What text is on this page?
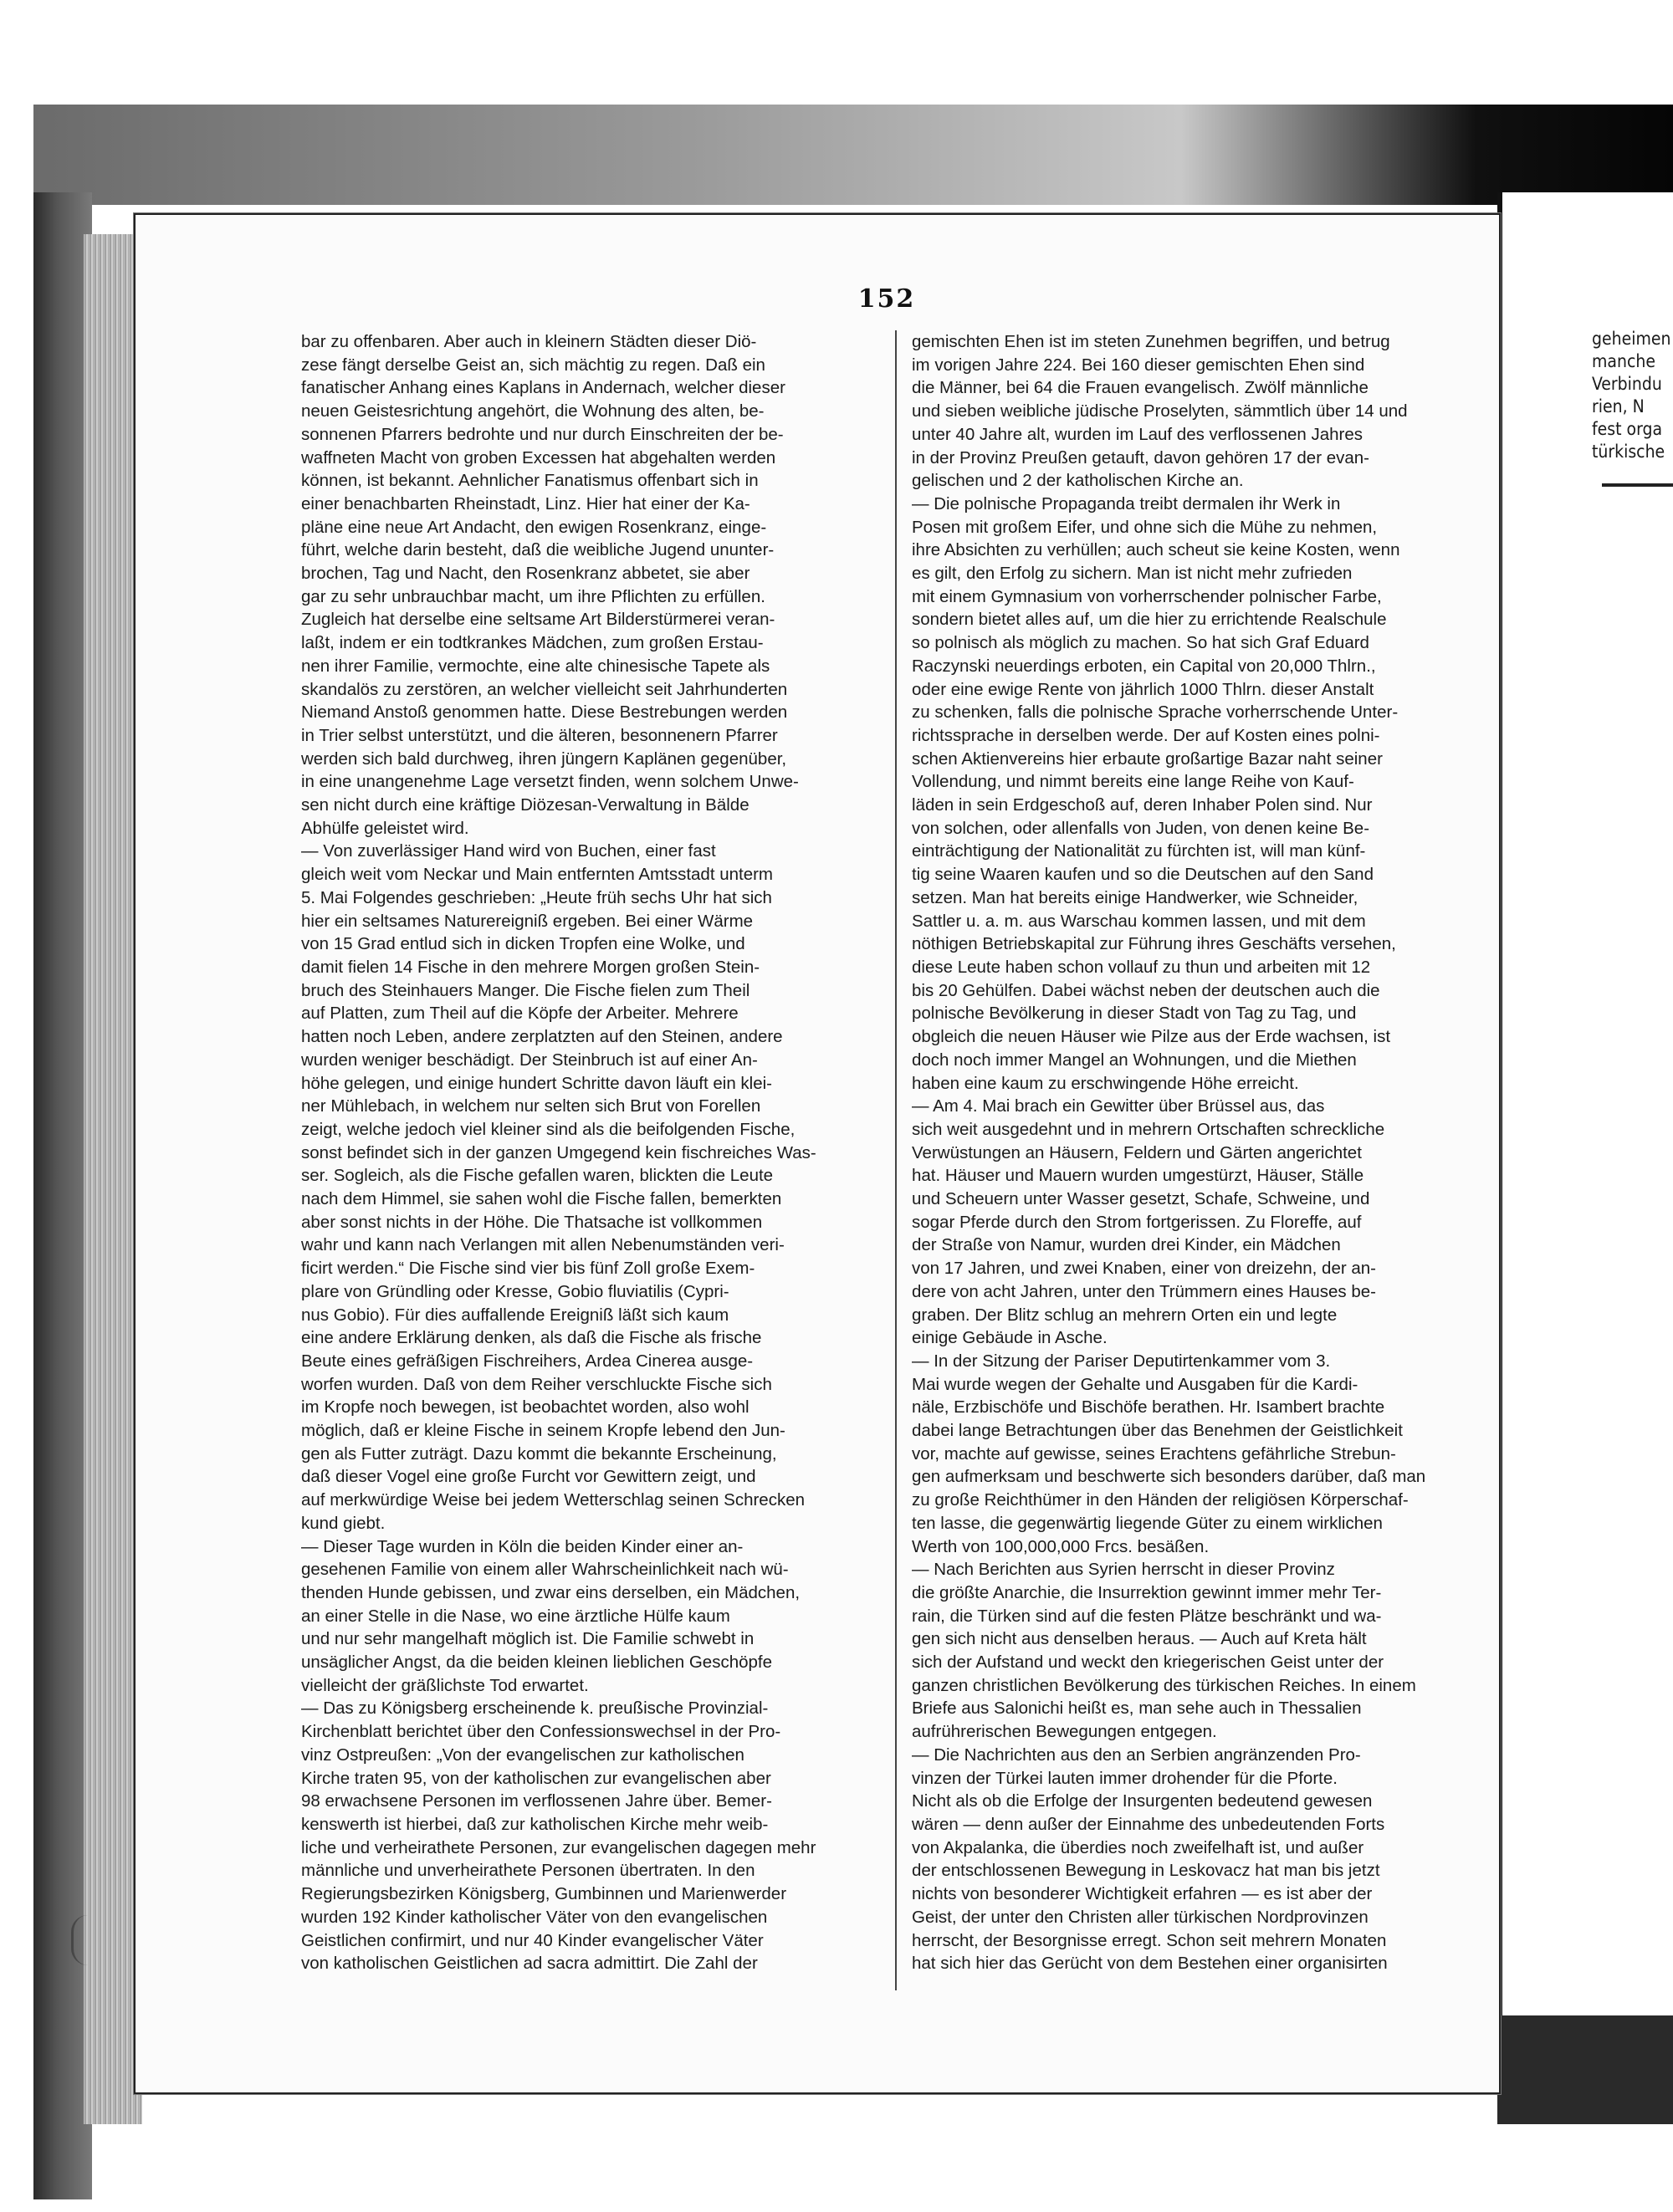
geheimen

manche

Verbindu

rien, N

fest orga

türkische

152

bar zu offenbaren. Aber auch in kleinern Städten dieser Diö-

zese fängt derselbe Geist an, sich mächtig zu regen. Daß ein

fanatischer Anhang eines Kaplans in Andernach, welcher dieser

neuen Geistesrichtung angehört, die Wohnung des alten, be-

sonnenen Pfarrers bedrohte und nur durch Einschreiten der be-

waffneten Macht von groben Excessen hat abgehalten werden

können, ist bekannt. Aehnlicher Fanatismus offenbart sich in

einer benachbarten Rheinstadt, Linz. Hier hat einer der Ka-

pläne eine neue Art Andacht, den ewigen Rosenkranz, einge-

führt, welche darin besteht, daß die weibliche Jugend ununter-

brochen, Tag und Nacht, den Rosenkranz abbetet, sie aber

gar zu sehr unbrauchbar macht, um ihre Pflichten zu erfüllen.

Zugleich hat derselbe eine seltsame Art Bilderstürmerei veran-

laßt, indem er ein todtkrankes Mädchen, zum großen Erstau-

nen ihrer Familie, vermochte, eine alte chinesische Tapete als

skandalös zu zerstören, an welcher vielleicht seit Jahrhunderten

Niemand Anstoß genommen hatte. Diese Bestrebungen werden

in Trier selbst unterstützt, und die älteren, besonnenern Pfarrer

werden sich bald durchweg, ihren jüngern Kaplänen gegenüber,

in eine unangenehme Lage versetzt finden, wenn solchem Unwe-

sen nicht durch eine kräftige Diözesan-Verwaltung in Bälde

Abhülfe geleistet wird.

— Von zuverlässiger Hand wird von Buchen, einer fast

gleich weit vom Neckar und Main entfernten Amtsstadt unterm

5. Mai Folgendes geschrieben: „Heute früh sechs Uhr hat sich

hier ein seltsames Naturereigniß ergeben. Bei einer Wärme

von 15 Grad entlud sich in dicken Tropfen eine Wolke, und

damit fielen 14 Fische in den mehrere Morgen großen Stein-

bruch des Steinhauers Manger. Die Fische fielen zum Theil

auf Platten, zum Theil auf die Köpfe der Arbeiter. Mehrere

hatten noch Leben, andere zerplatzten auf den Steinen, andere

wurden weniger beschädigt. Der Steinbruch ist auf einer An-

höhe gelegen, und einige hundert Schritte davon läuft ein klei-

ner Mühlebach, in welchem nur selten sich Brut von Forellen

zeigt, welche jedoch viel kleiner sind als die beifolgenden Fische,

sonst befindet sich in der ganzen Umgegend kein fischreiches Was-

ser. Sogleich, als die Fische gefallen waren, blickten die Leute

nach dem Himmel, sie sahen wohl die Fische fallen, bemerkten

aber sonst nichts in der Höhe. Die Thatsache ist vollkommen

wahr und kann nach Verlangen mit allen Nebenumständen veri-

ficirt werden.“ Die Fische sind vier bis fünf Zoll große Exem-

plare von Gründling oder Kresse, Gobio fluviatilis (Cypri-

nus Gobio). Für dies auffallende Ereigniß läßt sich kaum

eine andere Erklärung denken, als daß die Fische als frische

Beute eines gefräßigen Fischreihers, Ardea Cinerea ausge-

worfen wurden. Daß von dem Reiher verschluckte Fische sich

im Kropfe noch bewegen, ist beobachtet worden, also wohl

möglich, daß er kleine Fische in seinem Kropfe lebend den Jun-

gen als Futter zuträgt. Dazu kommt die bekannte Erscheinung,

daß dieser Vogel eine große Furcht vor Gewittern zeigt, und

auf merkwürdige Weise bei jedem Wetterschlag seinen Schrecken

kund giebt.

— Dieser Tage wurden in Köln die beiden Kinder einer an-

gesehenen Familie von einem aller Wahrscheinlichkeit nach wü-

thenden Hunde gebissen, und zwar eins derselben, ein Mädchen,

an einer Stelle in die Nase, wo eine ärztliche Hülfe kaum

und nur sehr mangelhaft möglich ist. Die Familie schwebt in

unsäglicher Angst, da die beiden kleinen lieblichen Geschöpfe

vielleicht der gräßlichste Tod erwartet.

— Das zu Königsberg erscheinende k. preußische Provinzial-

Kirchenblatt berichtet über den Confessionswechsel in der Pro-

vinz Ostpreußen: „Von der evangelischen zur katholischen

Kirche traten 95, von der katholischen zur evangelischen aber

98 erwachsene Personen im verflossenen Jahre über. Bemer-

kenswerth ist hierbei, daß zur katholischen Kirche mehr weib-

liche und verheirathete Personen, zur evangelischen dagegen mehr

männliche und unverheirathete Personen übertraten. In den

Regierungsbezirken Königsberg, Gumbinnen und Marienwerder

wurden 192 Kinder katholischer Väter von den evangelischen

Geistlichen confirmirt, und nur 40 Kinder evangelischer Väter

von katholischen Geistlichen ad sacra admittirt. Die Zahl der

gemischten Ehen ist im steten Zunehmen begriffen, und betrug

im vorigen Jahre 224. Bei 160 dieser gemischten Ehen sind

die Männer, bei 64 die Frauen evangelisch. Zwölf männliche

und sieben weibliche jüdische Proselyten, sämmtlich über 14 und

unter 40 Jahre alt, wurden im Lauf des verflossenen Jahres

in der Provinz Preußen getauft, davon gehören 17 der evan-

gelischen und 2 der katholischen Kirche an.

— Die polnische Propaganda treibt dermalen ihr Werk in

Posen mit großem Eifer, und ohne sich die Mühe zu nehmen,

ihre Absichten zu verhüllen; auch scheut sie keine Kosten, wenn

es gilt, den Erfolg zu sichern. Man ist nicht mehr zufrieden

mit einem Gymnasium von vorherrschender polnischer Farbe,

sondern bietet alles auf, um die hier zu errichtende Realschule

so polnisch als möglich zu machen. So hat sich Graf Eduard

Raczynski neuerdings erboten, ein Capital von 20,000 Thlrn.,

oder eine ewige Rente von jährlich 1000 Thlrn. dieser Anstalt

zu schenken, falls die polnische Sprache vorherrschende Unter-

richtssprache in derselben werde. Der auf Kosten eines polni-

schen Aktienvereins hier erbaute großartige Bazar naht seiner

Vollendung, und nimmt bereits eine lange Reihe von Kauf-

läden in sein Erdgeschoß auf, deren Inhaber Polen sind. Nur

von solchen, oder allenfalls von Juden, von denen keine Be-

einträchtigung der Nationalität zu fürchten ist, will man künf-

tig seine Waaren kaufen und so die Deutschen auf den Sand

setzen. Man hat bereits einige Handwerker, wie Schneider,

Sattler u. a. m. aus Warschau kommen lassen, und mit dem

nöthigen Betriebskapital zur Führung ihres Geschäfts versehen,

diese Leute haben schon vollauf zu thun und arbeiten mit 12

bis 20 Gehülfen. Dabei wächst neben der deutschen auch die

polnische Bevölkerung in dieser Stadt von Tag zu Tag, und

obgleich die neuen Häuser wie Pilze aus der Erde wachsen, ist

doch noch immer Mangel an Wohnungen, und die Miethen

haben eine kaum zu erschwingende Höhe erreicht.

— Am 4. Mai brach ein Gewitter über Brüssel aus, das

sich weit ausgedehnt und in mehrern Ortschaften schreckliche

Verwüstungen an Häusern, Feldern und Gärten angerichtet

hat. Häuser und Mauern wurden umgestürzt, Häuser, Ställe

und Scheuern unter Wasser gesetzt, Schafe, Schweine, und

sogar Pferde durch den Strom fortgerissen. Zu Floreffe, auf

der Straße von Namur, wurden drei Kinder, ein Mädchen

von 17 Jahren, und zwei Knaben, einer von dreizehn, der an-

dere von acht Jahren, unter den Trümmern eines Hauses be-

graben. Der Blitz schlug an mehrern Orten ein und legte

einige Gebäude in Asche.

— In der Sitzung der Pariser Deputirtenkammer vom 3.

Mai wurde wegen der Gehalte und Ausgaben für die Kardi-

näle, Erzbischöfe und Bischöfe berathen. Hr. Isambert brachte

dabei lange Betrachtungen über das Benehmen der Geistlichkeit

vor, machte auf gewisse, seines Erachtens gefährliche Strebun-

gen aufmerksam und beschwerte sich besonders darüber, daß man

zu große Reichthümer in den Händen der religiösen Körperschaf-

ten lasse, die gegenwärtig liegende Güter zu einem wirklichen

Werth von 100,000,000 Frcs. besäßen.

— Nach Berichten aus Syrien herrscht in dieser Provinz

die größte Anarchie, die Insurrektion gewinnt immer mehr Ter-

rain, die Türken sind auf die festen Plätze beschränkt und wa-

gen sich nicht aus denselben heraus. — Auch auf Kreta hält

sich der Aufstand und weckt den kriegerischen Geist unter der

ganzen christlichen Bevölkerung des türkischen Reiches. In einem

Briefe aus Salonichi heißt es, man sehe auch in Thessalien

aufrührerischen Bewegungen entgegen.

— Die Nachrichten aus den an Serbien angränzenden Pro-

vinzen der Türkei lauten immer drohender für die Pforte.

Nicht als ob die Erfolge der Insurgenten bedeutend gewesen

wären — denn außer der Einnahme des unbedeutenden Forts

von Akpalanka, die überdies noch zweifelhaft ist, und außer

der entschlossenen Bewegung in Leskovacz hat man bis jetzt

nichts von besonderer Wichtigkeit erfahren — es ist aber der

Geist, der unter den Christen aller türkischen Nordprovinzen

herrscht, der Besorgnisse erregt. Schon seit mehrern Monaten

hat sich hier das Gerücht von dem Bestehen einer organisirten
